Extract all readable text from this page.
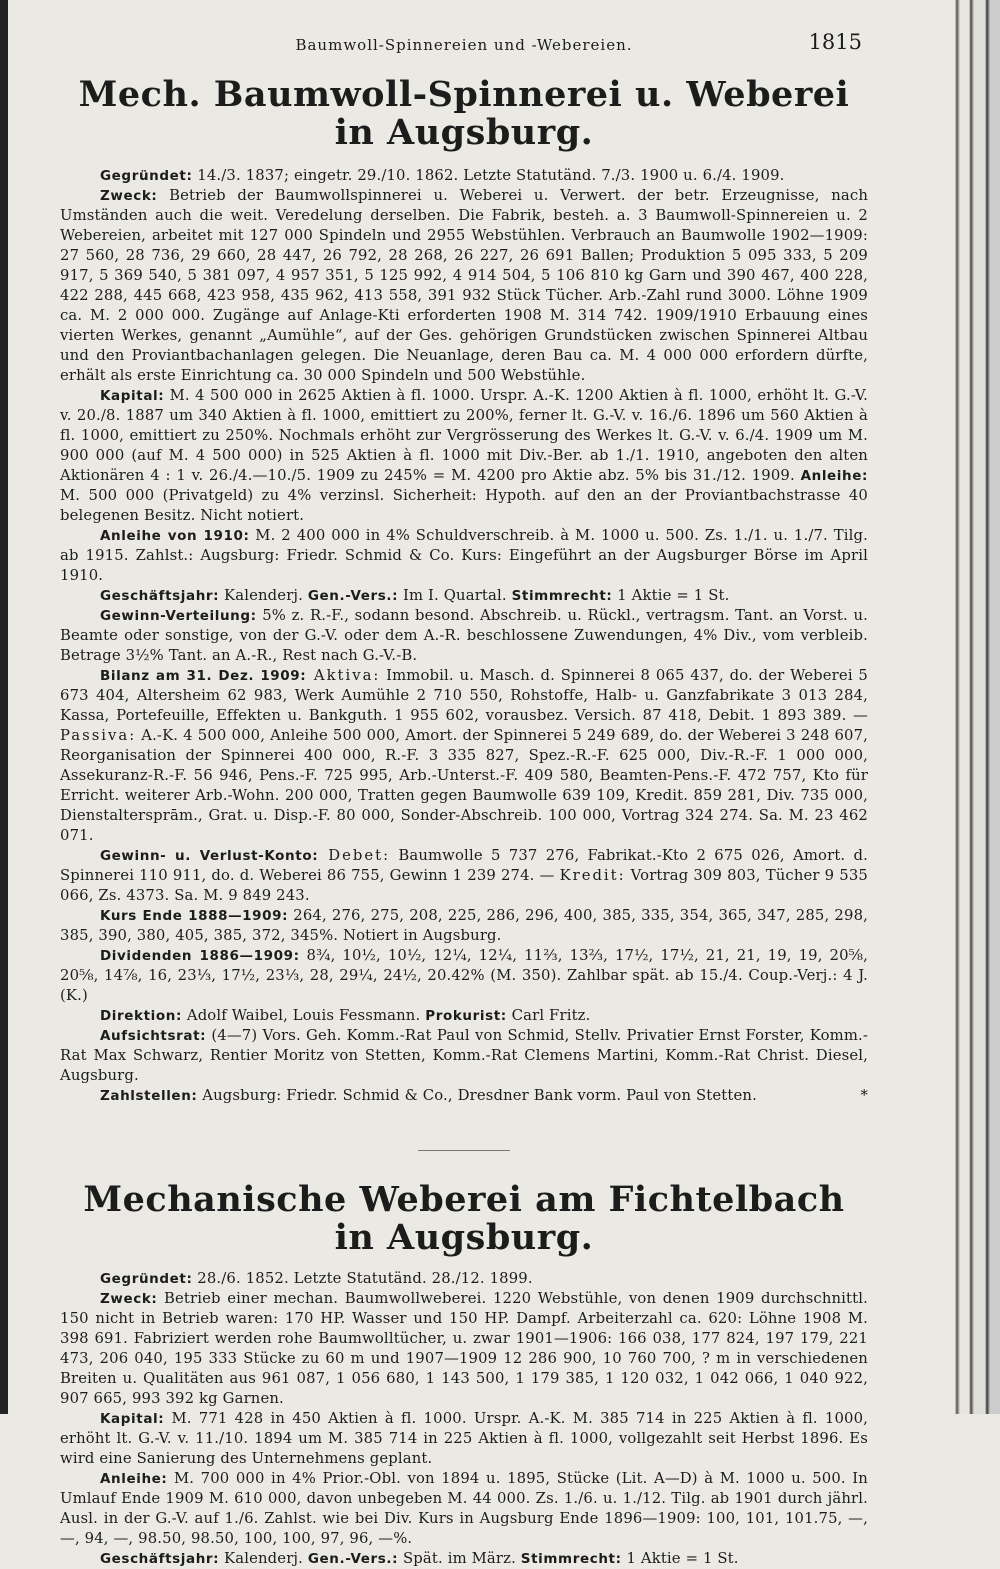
Baumwoll-Spinnereien und -Webereien.	1815
Mech. Baumwoll-Spinnerei u. Weberei in Augsburg.

Gegründet: 14./3. 1837; eingetr. 29./10. 1862. Letzte Statutänd. 7./3. 1900 u. 6./4. 1909.

Zweck: Betrieb der Baumwollspinnerei u. Weberei u. Verwert. der betr. Erzeugnisse, nach Umständen auch die weit. Veredelung derselben. Die Fabrik, besteh. a. 3 Baumwoll-Spinnereien u. 2 Webereien, arbeitet mit 127 000 Spindeln und 2955 Webstühlen. Verbrauch an Baumwolle 1902—1909: 27 560, 28 736, 29 660, 28 447, 26 792, 28 268, 26 227, 26 691 Ballen; Produktion 5 095 333, 5 209 917, 5 369 540, 5 381 097, 4 957 351, 5 125 992, 4 914 504, 5 106 810 kg Garn und 390 467, 400 228, 422 288, 445 668, 423 958, 435 962, 413 558, 391 932 Stück Tücher. Arb.-Zahl rund 3000. Löhne 1909 ca. M. 2 000 000. Zugänge auf Anlage-Kti erforderten 1908 M. 314 742. 1909/1910 Erbauung eines vierten Werkes, genannt „Aumühle“, auf der Ges. gehörigen Grundstücken zwischen Spinnerei Altbau und den Proviantbachanlagen gelegen. Die Neuanlage, deren Bau ca. M. 4 000 000 erfordern dürfte, erhält als erste Einrichtung ca. 30 000 Spindeln und 500 Webstühle.

Kapital: M. 4 500 000 in 2625 Aktien à fl. 1000. Urspr. A.-K. 1200 Aktien à fl. 1000, erhöht lt. G.-V. v. 20./8. 1887 um 340 Aktien à fl. 1000, emittiert zu 200%, ferner lt. G.-V. v. 16./6. 1896 um 560 Aktien à fl. 1000, emittiert zu 250%. Nochmals erhöht zur Vergrösserung des Werkes lt. G.-V. v. 6./4. 1909 um M. 900 000 (auf M. 4 500 000) in 525 Aktien à fl. 1000 mit Div.-Ber. ab 1./1. 1910, angeboten den alten Aktionären 4 : 1 v. 26./4.—10./5. 1909 zu 245% = M. 4200 pro Aktie abz. 5% bis 31./12. 1909. Anleihe: M. 500 000 (Privatgeld) zu 4% verzinsl. Sicherheit: Hypoth. auf den an der Proviantbachstrasse 40 belegenen Besitz. Nicht notiert.

Anleihe von 1910: M. 2 400 000 in 4% Schuldverschreib. à M. 1000 u. 500. Zs. 1./1. u. 1./7. Tilg. ab 1915. Zahlst.: Augsburg: Friedr. Schmid & Co. Kurs: Eingeführt an der Augsburger Börse im April 1910.

Geschäftsjahr: Kalenderj. Gen.-Vers.: Im I. Quartal. Stimmrecht: 1 Aktie = 1 St.

Gewinn-Verteilung: 5% z. R.-F., sodann besond. Abschreib. u. Rückl., vertragsm. Tant. an Vorst. u. Beamte oder sonstige, von der G.-V. oder dem A.-R. beschlossene Zuwendungen, 4% Div., vom verbleib. Betrage 3½% Tant. an A.-R., Rest nach G.-V.-B.

Bilanz am 31. Dez. 1909: Aktiva: Immobil. u. Masch. d. Spinnerei 8 065 437, do. der Weberei 5 673 404, Altersheim 62 983, Werk Aumühle 2 710 550, Rohstoffe, Halb- u. Ganzfabrikate 3 013 284, Kassa, Portefeuille, Effekten u. Bankguth. 1 955 602, vorausbez. Versich. 87 418, Debit. 1 893 389. — Passiva: A.-K. 4 500 000, Anleihe 500 000, Amort. der Spinnerei 5 249 689, do. der Weberei 3 248 607, Reorganisation der Spinnerei 400 000, R.-F. 3 335 827, Spez.-R.-F. 625 000, Div.-R.-F. 1 000 000, Assekuranz-R.-F. 56 946, Pens.-F. 725 995, Arb.-Unterst.-F. 409 580, Beamten-Pens.-F. 472 757, Kto für Erricht. weiterer Arb.-Wohn. 200 000, Tratten gegen Baumwolle 639 109, Kredit. 859 281, Div. 735 000, Dienstaltersprām., Grat. u. Disp.-F. 80 000, Sonder-Abschreib. 100 000, Vortrag 324 274. Sa. M. 23 462 071.

Gewinn- u. Verlust-Konto: Debet: Baumwolle 5 737 276, Fabrikat.-Kto 2 675 026, Amort. d. Spinnerei 110 911, do. d. Weberei 86 755, Gewinn 1 239 274. — Kredit: Vortrag 309 803, Tücher 9 535 066, Zs. 4373. Sa. M. 9 849 243.

Kurs Ende 1888—1909: 264, 276, 275, 208, 225, 286, 296, 400, 385, 335, 354, 365, 347, 285, 298, 385, 390, 380, 405, 385, 372, 345%. Notiert in Augsburg.

Dividenden 1886—1909: 8¾, 10½, 10½, 12¼, 12¼, 11⅔, 13⅔, 17½, 17½, 21, 21, 19, 19, 20⅝, 20⅝, 14⅞, 16, 23⅓, 17½, 23⅓, 28, 29¼, 24½, 20.42% (M. 350). Zahlbar spät. ab 15./4. Coup.-Verj.: 4 J. (K.)

Direktion: Adolf Waibel, Louis Fessmann. Prokurist: Carl Fritz.

Aufsichtsrat: (4—7) Vors. Geh. Komm.-Rat Paul von Schmid, Stellv. Privatier Ernst Forster, Komm.-Rat Max Schwarz, Rentier Moritz von Stetten, Komm.-Rat Clemens Martini, Komm.-Rat Christ. Diesel, Augsburg.

*
Zahlstellen: Augsburg: Friedr. Schmid & Co., Dresdner Bank vorm. Paul von Stetten.

Mechanische Weberei am Fichtelbach in Augsburg.

Gegründet: 28./6. 1852. Letzte Statutänd. 28./12. 1899.

Zweck: Betrieb einer mechan. Baumwollweberei. 1220 Webstühle, von denen 1909 durchschnittl. 150 nicht in Betrieb waren: 170 HP. Wasser und 150 HP. Dampf. Arbeiterzahl ca. 620: Löhne 1908 M. 398 691. Fabriziert werden rohe Baumwolltücher, u. zwar 1901—1906: 166 038, 177 824, 197 179, 221 473, 206 040, 195 333 Stücke zu 60 m und 1907—1909 12 286 900, 10 760 700, ? m in verschiedenen Breiten u. Qualitäten aus 961 087, 1 056 680, 1 143 500, 1 179 385, 1 120 032, 1 042 066, 1 040 922, 907 665, 993 392 kg Garnen.

Kapital: M. 771 428 in 450 Aktien à fl. 1000. Urspr. A.-K. M. 385 714 in 225 Aktien à fl. 1000, erhöht lt. G.-V. v. 11./10. 1894 um M. 385 714 in 225 Aktien à fl. 1000, vollgezahlt seit Herbst 1896. Es wird eine Sanierung des Unternehmens geplant.

Anleihe: M. 700 000 in 4% Prior.-Obl. von 1894 u. 1895, Stücke (Lit. A—D) à M. 1000 u. 500. In Umlauf Ende 1909 M. 610 000, davon unbegeben M. 44 000. Zs. 1./6. u. 1./12. Tilg. ab 1901 durch jährl. Ausl. in der G.-V. auf 1./6. Zahlst. wie bei Div. Kurs in Augsburg Ende 1896—1909: 100, 101, 101.75, —, —, 94, —, 98.50, 98.50, 100, 100, 97, 96, —%.

Geschäftsjahr: Kalenderj. Gen.-Vers.: Spät. im März. Stimmrecht: 1 Aktie = 1 St.
